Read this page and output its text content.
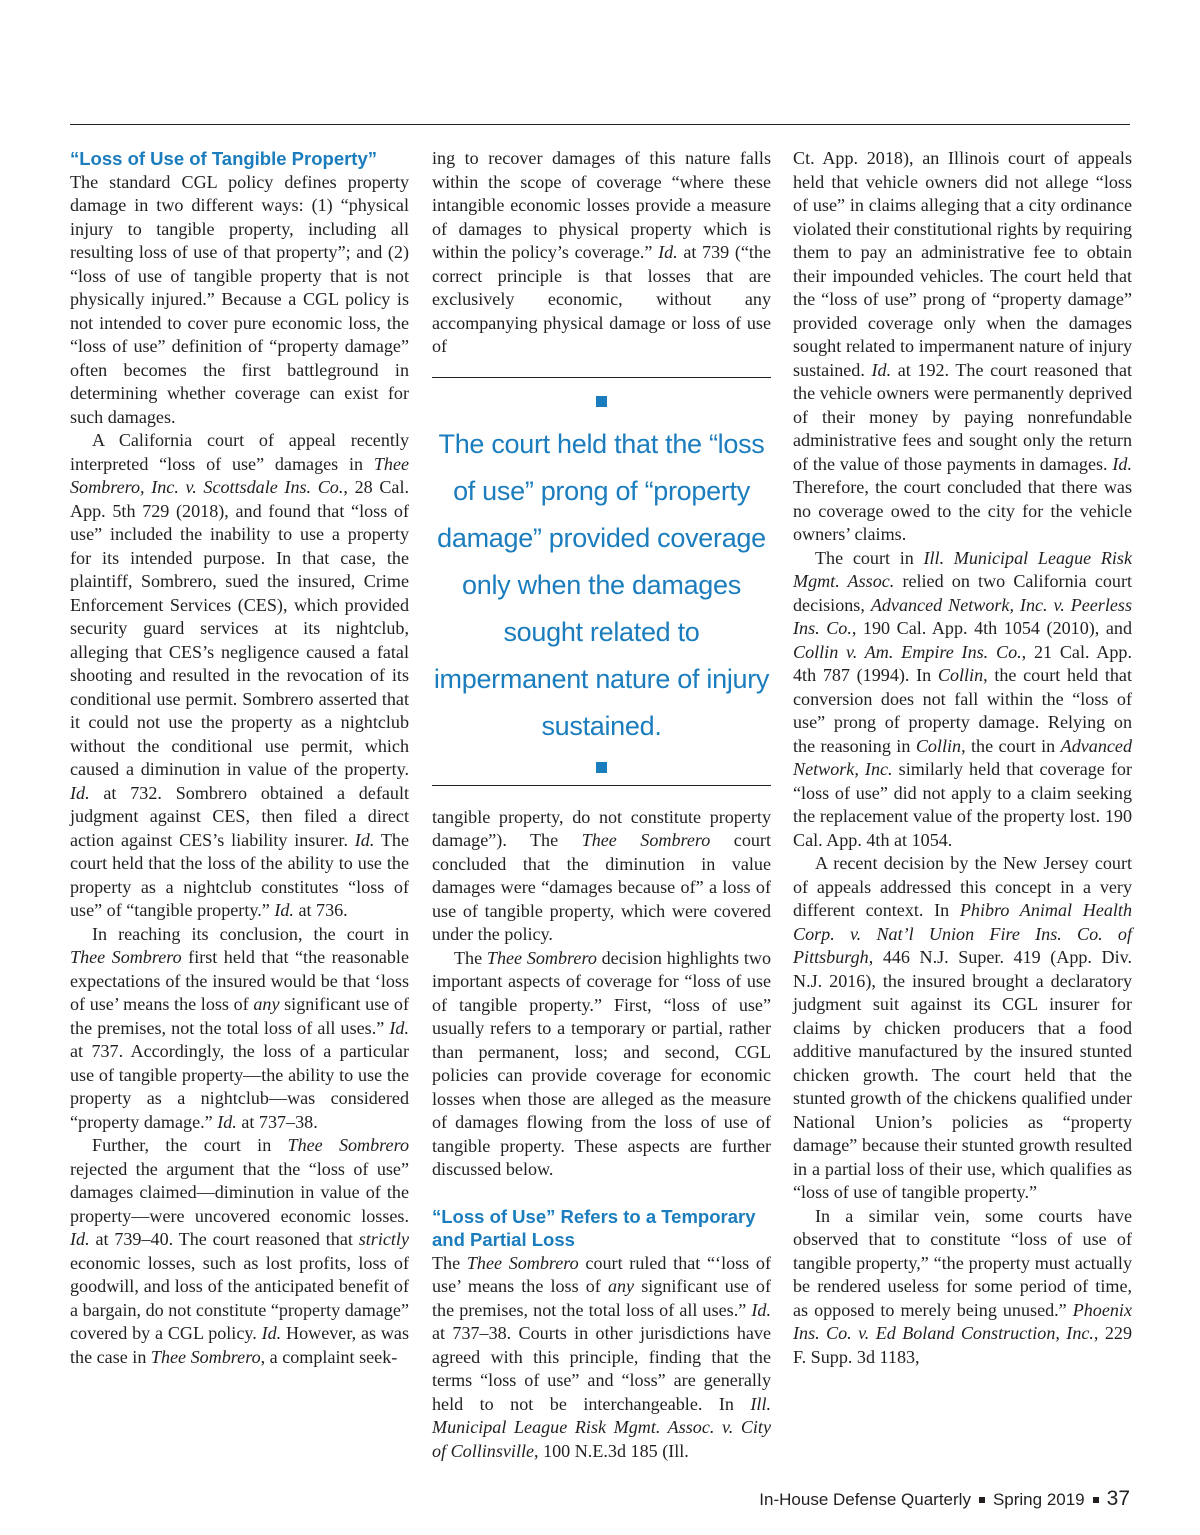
“Loss of Use of Tangible Property”

The standard CGL policy defines property damage in two different ways: (1) “physical injury to tangible property, including all resulting loss of use of that property”; and (2) “loss of use of tangible property that is not physically injured.” Because a CGL policy is not intended to cover pure economic loss, the “loss of use” definition of “property damage” often becomes the first battleground in determining whether coverage can exist for such damages.

A California court of appeal recently interpreted “loss of use” damages in Thee Sombrero, Inc. v. Scottsdale Ins. Co., 28 Cal. App. 5th 729 (2018), and found that “loss of use” included the inability to use a property for its intended purpose. In that case, the plaintiff, Sombrero, sued the insured, Crime Enforcement Services (CES), which provided security guard services at its nightclub, alleging that CES’s negligence caused a fatal shooting and resulted in the revocation of its conditional use permit. Sombrero asserted that it could not use the property as a nightclub without the conditional use permit, which caused a diminution in value of the property. Id. at 732. Sombrero obtained a default judgment against CES, then filed a direct action against CES’s liability insurer. Id. The court held that the loss of the ability to use the property as a nightclub constitutes “loss of use” of “tangible property.” Id. at 736.

In reaching its conclusion, the court in Thee Sombrero first held that “the reasonable expectations of the insured would be that ‘loss of use’ means the loss of any significant use of the premises, not the total loss of all uses.” Id. at 737. Accordingly, the loss of a particular use of tangible property—the ability to use the property as a nightclub—was considered “property damage.” Id. at 737–38.

Further, the court in Thee Sombrero rejected the argument that the “loss of use” damages claimed—diminution in value of the property—were uncovered economic losses. Id. at 739–40. The court reasoned that strictly economic losses, such as lost profits, loss of goodwill, and loss of the anticipated benefit of a bargain, do not constitute “property damage” covered by a CGL policy. Id. However, as was the case in Thee Sombrero, a complaint seek-

ing to recover damages of this nature falls within the scope of coverage “where these intangible economic losses provide a measure of damages to physical property which is within the policy’s coverage.” Id. at 739 (“the correct principle is that losses that are exclusively economic, without any accompanying physical damage or loss of use of

The court held that the “loss of use” prong of “property damage” provided coverage only when the damages sought related to impermanent nature of injury sustained.

tangible property, do not constitute property damage”). The Thee Sombrero court concluded that the diminution in value damages were “damages because of” a loss of use of tangible property, which were covered under the policy.

The Thee Sombrero decision highlights two important aspects of coverage for “loss of use of tangible property.” First, “loss of use” usually refers to a temporary or partial, rather than permanent, loss; and second, CGL policies can provide coverage for economic losses when those are alleged as the measure of damages flowing from the loss of use of tangible property. These aspects are further discussed below.

“Loss of Use” Refers to a Temporary and Partial Loss

The Thee Sombrero court ruled that “‘loss of use’ means the loss of any significant use of the premises, not the total loss of all uses.” Id. at 737–38. Courts in other jurisdictions have agreed with this principle, finding that the terms “loss of use” and “loss” are generally held to not be interchangeable. In Ill. Municipal League Risk Mgmt. Assoc. v. City of Collinsville, 100 N.E.3d 185 (Ill.

Ct. App. 2018), an Illinois court of appeals held that vehicle owners did not allege “loss of use” in claims alleging that a city ordinance violated their constitutional rights by requiring them to pay an administrative fee to obtain their impounded vehicles. The court held that the “loss of use” prong of “property damage” provided coverage only when the damages sought related to impermanent nature of injury sustained. Id. at 192. The court reasoned that the vehicle owners were permanently deprived of their money by paying nonrefundable administrative fees and sought only the return of the value of those payments in damages. Id. Therefore, the court concluded that there was no coverage owed to the city for the vehicle owners’ claims.

The court in Ill. Municipal League Risk Mgmt. Assoc. relied on two California court decisions, Advanced Network, Inc. v. Peerless Ins. Co., 190 Cal. App. 4th 1054 (2010), and Collin v. Am. Empire Ins. Co., 21 Cal. App. 4th 787 (1994). In Collin, the court held that conversion does not fall within the “loss of use” prong of property damage. Relying on the reasoning in Collin, the court in Advanced Network, Inc. similarly held that coverage for “loss of use” did not apply to a claim seeking the replacement value of the property lost. 190 Cal. App. 4th at 1054.

A recent decision by the New Jersey court of appeals addressed this concept in a very different context. In Phibro Animal Health Corp. v. Nat’l Union Fire Ins. Co. of Pittsburgh, 446 N.J. Super. 419 (App. Div. N.J. 2016), the insured brought a declaratory judgment suit against its CGL insurer for claims by chicken producers that a food additive manufactured by the insured stunted chicken growth. The court held that the stunted growth of the chickens qualified under National Union’s policies as “property damage” because their stunted growth resulted in a partial loss of their use, which qualifies as “loss of use of tangible property.”

In a similar vein, some courts have observed that to constitute “loss of use of tangible property,” “the property must actually be rendered useless for some period of time, as opposed to merely being unused.” Phoenix Ins. Co. v. Ed Boland Construction, Inc., 229 F. Supp. 3d 1183,

In-House Defense Quarterly Spring 2019 37
